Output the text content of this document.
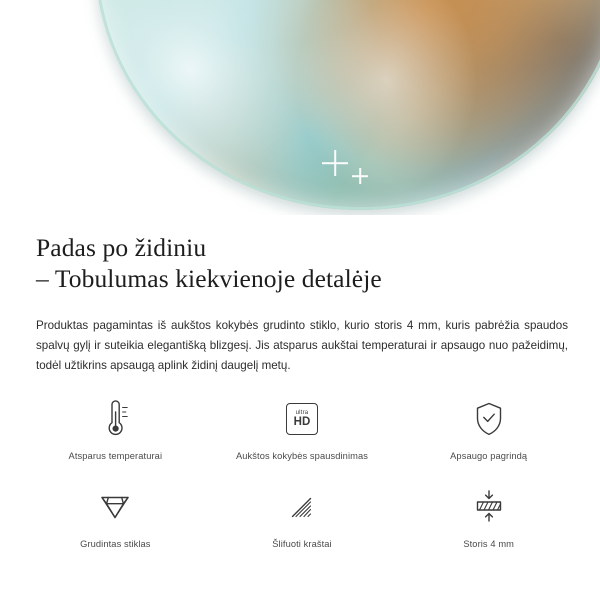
Padas po židiniu
– Tobulumas kiekvienoje detalėje
Produktas pagamintas iš aukštos kokybės grudinto stiklo, kurio storis 4 mm, kuris pabrėžia spaudos spalvų gylį ir suteikia elegantišką blizgesį. Jis atsparus aukštai temperaturai ir apsaugo nuo pažeidimų, todėl užtikrins apsaugą aplink židinį daugelį metų.
Atsparus temperaturai
ultra
HD
Aukštos kokybės spausdinimas	Apsaugo pagrindą
Grudintas stiklas	Šlifuoti kraštai	Storis 4 mm
